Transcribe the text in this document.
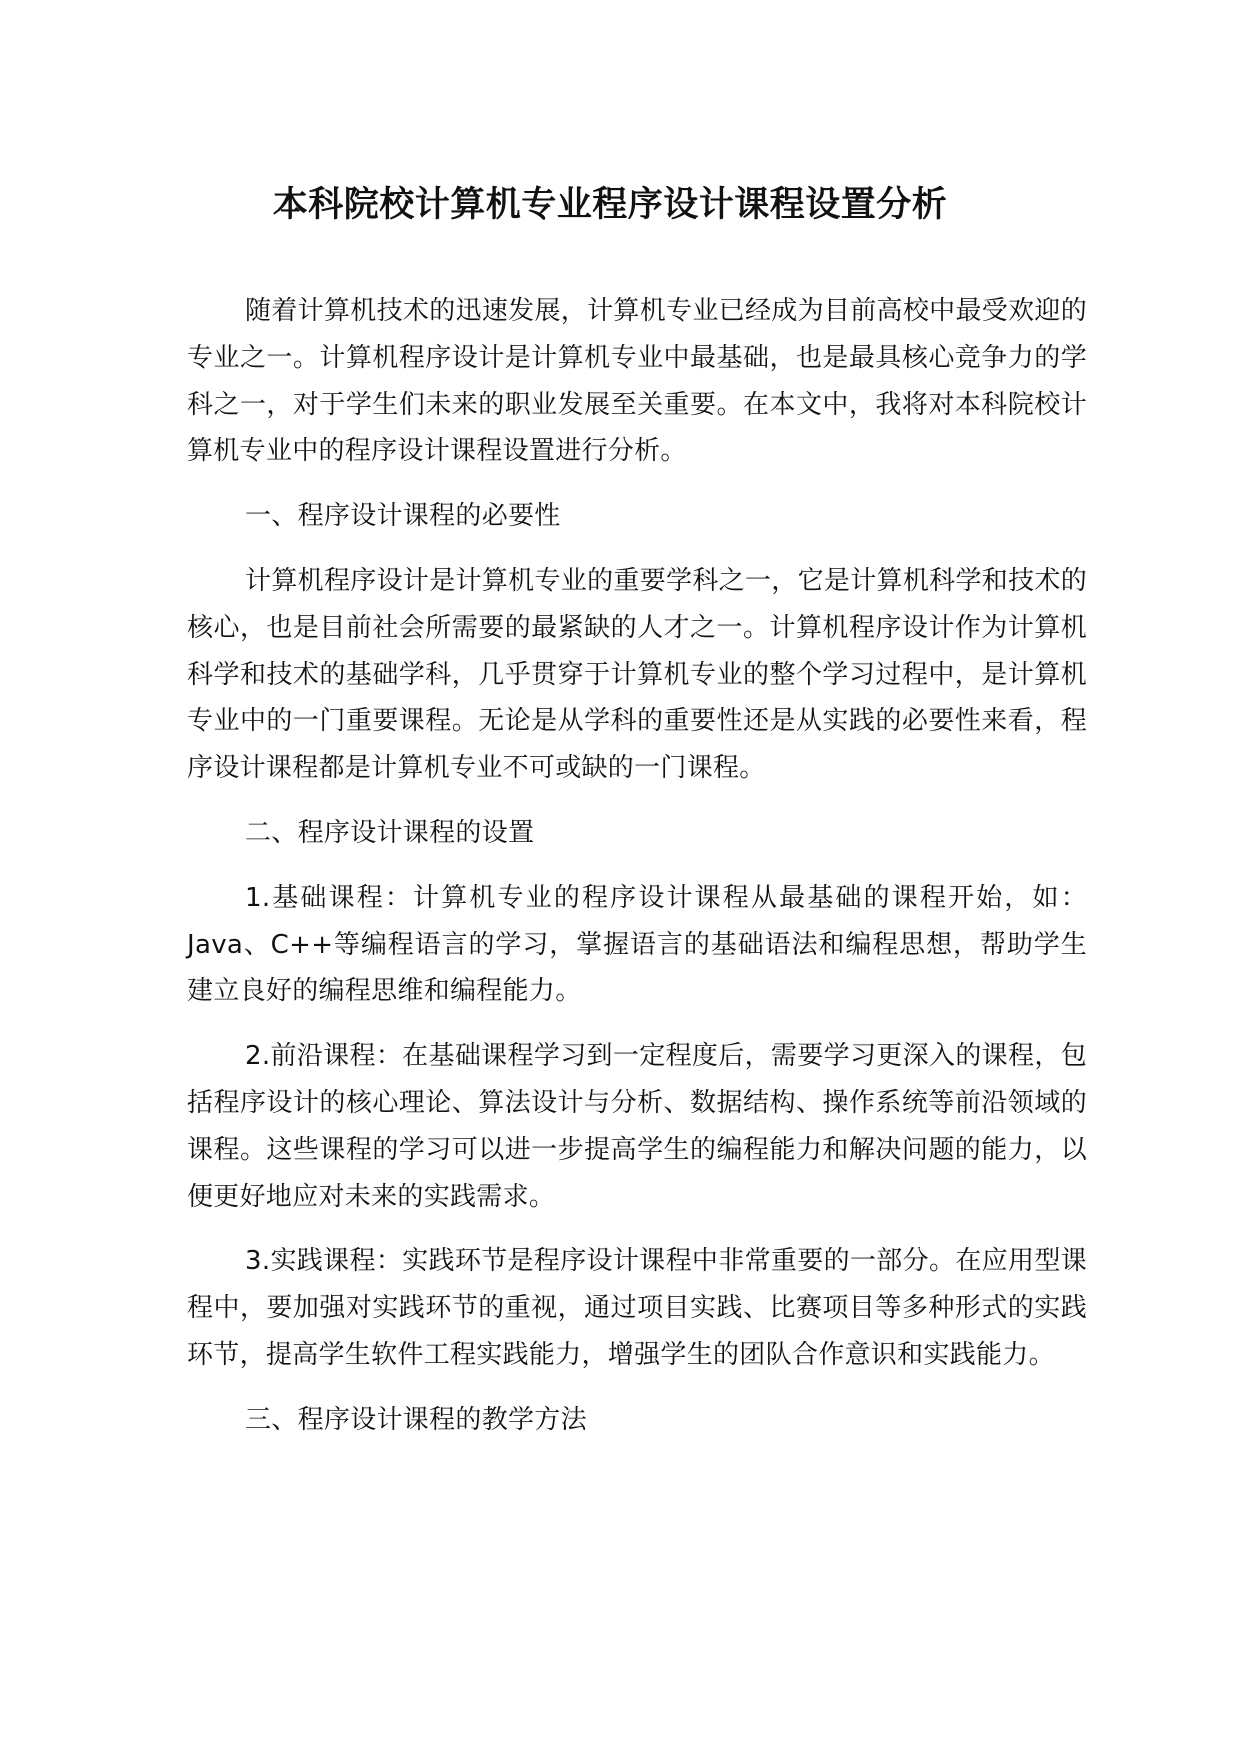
本科院校计算机专业程序设计课程设置分析

随着计算机技术的迅速发展，计算机专业已经成为目前高校中最受欢迎的专业之一。计算机程序设计是计算机专业中最基础，也是最具核心竞争力的学科之一，对于学生们未来的职业发展至关重要。在本文中，我将对本科院校计算机专业中的程序设计课程设置进行分析。

一、程序设计课程的必要性

计算机程序设计是计算机专业的重要学科之一，它是计算机科学和技术的核心，也是目前社会所需要的最紧缺的人才之一。计算机程序设计作为计算机科学和技术的基础学科，几乎贯穿于计算机专业的整个学习过程中，是计算机专业中的一门重要课程。无论是从学科的重要性还是从实践的必要性来看，程序设计课程都是计算机专业不可或缺的一门课程。

二、程序设计课程的设置

1.基础课程：计算机专业的程序设计课程从最基础的课程开始，如：Java、C++等编程语言的学习，掌握语言的基础语法和编程思想，帮助学生建立良好的编程思维和编程能力。

2.前沿课程：在基础课程学习到一定程度后，需要学习更深入的课程，包括程序设计的核心理论、算法设计与分析、数据结构、操作系统等前沿领域的课程。这些课程的学习可以进一步提高学生的编程能力和解决问题的能力，以便更好地应对未来的实践需求。

3.实践课程：实践环节是程序设计课程中非常重要的一部分。在应用型课程中，要加强对实践环节的重视，通过项目实践、比赛项目等多种形式的实践环节，提高学生软件工程实践能力，增强学生的团队合作意识和实践能力。

三、程序设计课程的教学方法
